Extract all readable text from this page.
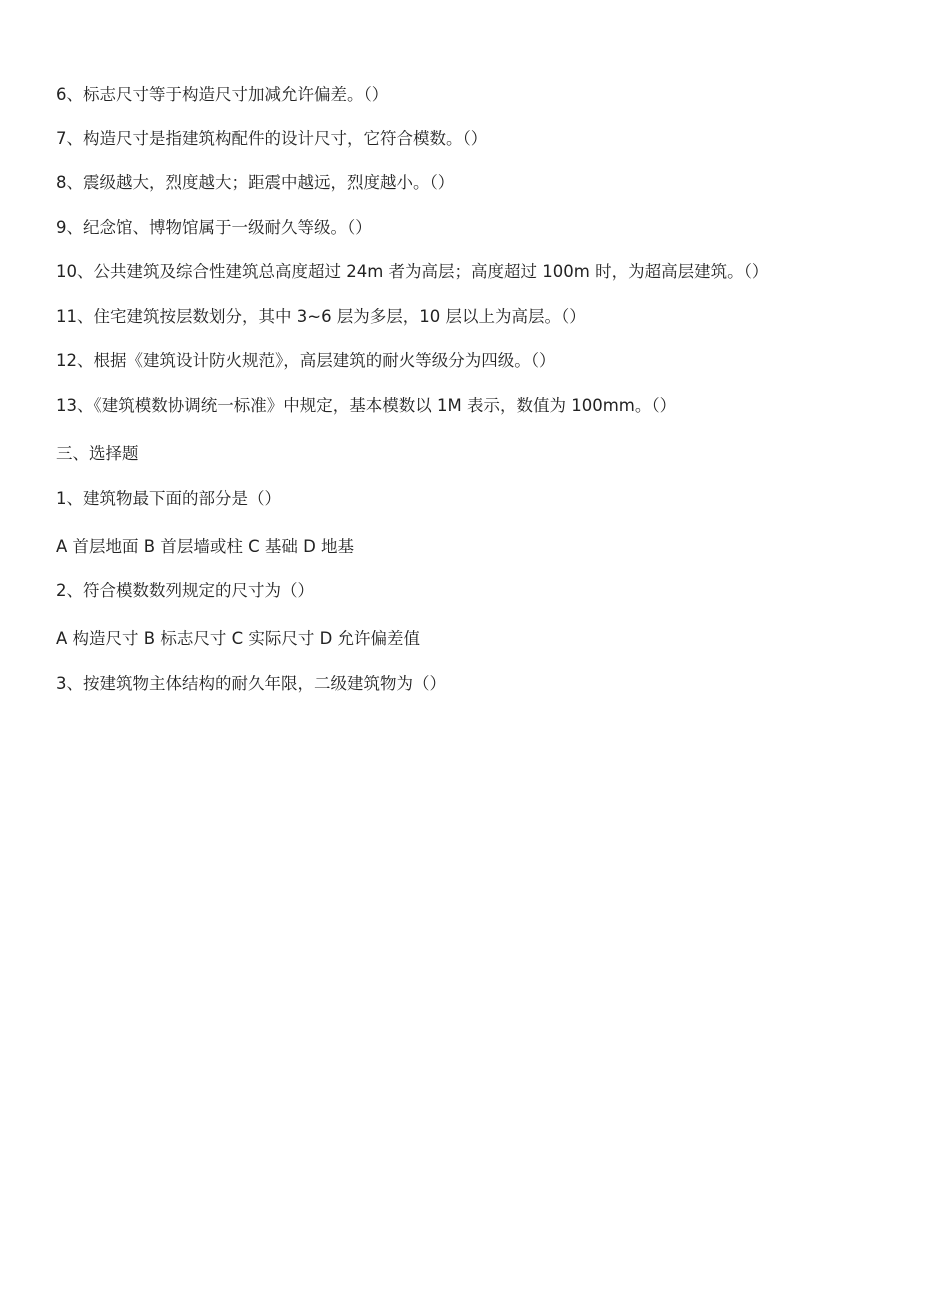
6、标志尺寸等于构造尺寸加减允许偏差。（）
7、构造尺寸是指建筑构配件的设计尺寸，它符合模数。（）
8、震级越大，烈度越大；距震中越远，烈度越小。（）
9、纪念馆、博物馆属于一级耐久等级。（）
10、公共建筑及综合性建筑总高度超过 24m 者为高层；高度超过 100m 时，为超高层建筑。（）
11、住宅建筑按层数划分，其中 3~6 层为多层，10 层以上为高层。（）
12、根据《建筑设计防火规范》，高层建筑的耐火等级分为四级。（）
13、《建筑模数协调统一标准》中规定，基本模数以 1M 表示，数值为 100mm。（）
三、选择题
1、建筑物最下面的部分是（）
A 首层地面 B 首层墙或柱 C 基础 D 地基
2、符合模数数列规定的尺寸为（）
A 构造尺寸 B 标志尺寸 C 实际尺寸 D 允许偏差值
3、按建筑物主体结构的耐久年限，二级建筑物为（）
